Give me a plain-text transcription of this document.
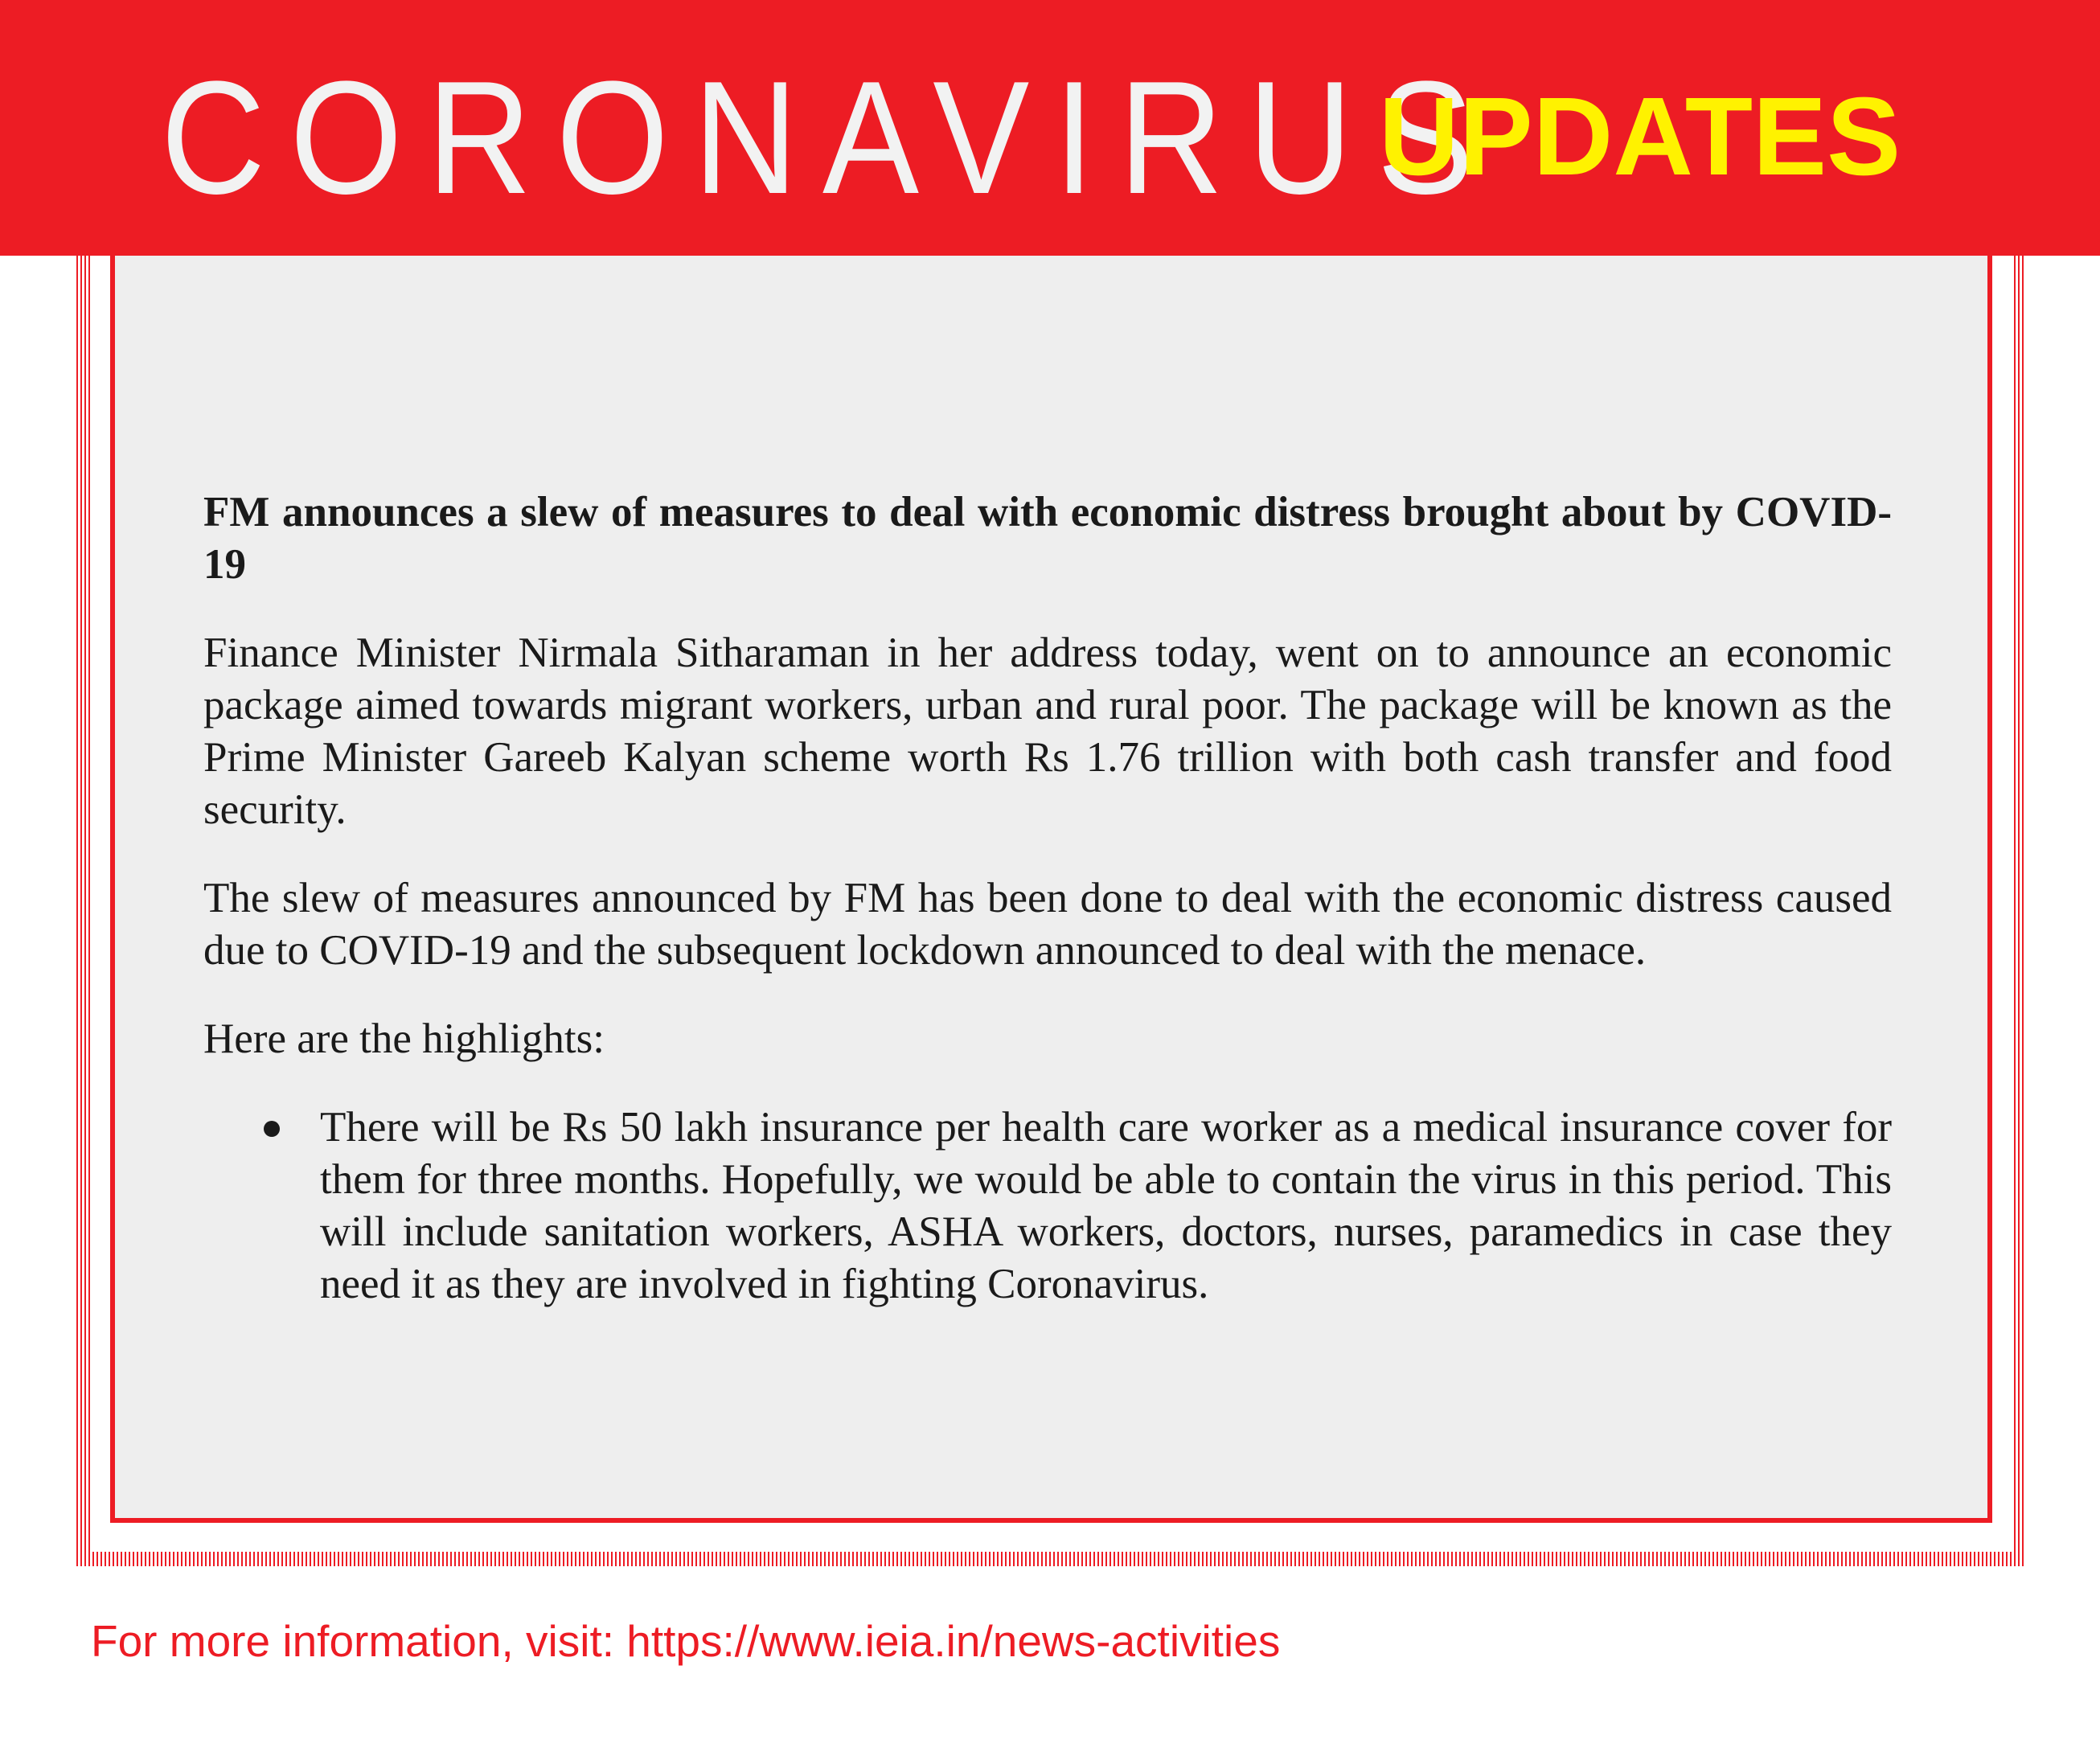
CORONAVIRUS
UPDATES

FM announces a slew of measures to deal with economic distress brought about by COVID-19

Finance Minister Nirmala Sitharaman in her address today, went on to announce an economic package aimed towards migrant workers, urban and rural poor. The package will be known as the Prime Minister Gareeb Kalyan scheme worth Rs 1.76 trillion with both cash transfer and food security.

The slew of measures announced by FM has been done to deal with the economic distress caused due to COVID-19 and the subsequent lockdown announced to deal with the menace.

Here are the highlights:

There will be Rs 50 lakh insurance per health care worker as a medical insurance cover for them for three months. Hopefully, we would be able to contain the virus in this period. This will include sanitation workers, ASHA workers, doctors, nurses, paramedics in case they need it as they are involved in fighting Coronavirus.
For more information, visit: https://www.ieia.in/news-activities
